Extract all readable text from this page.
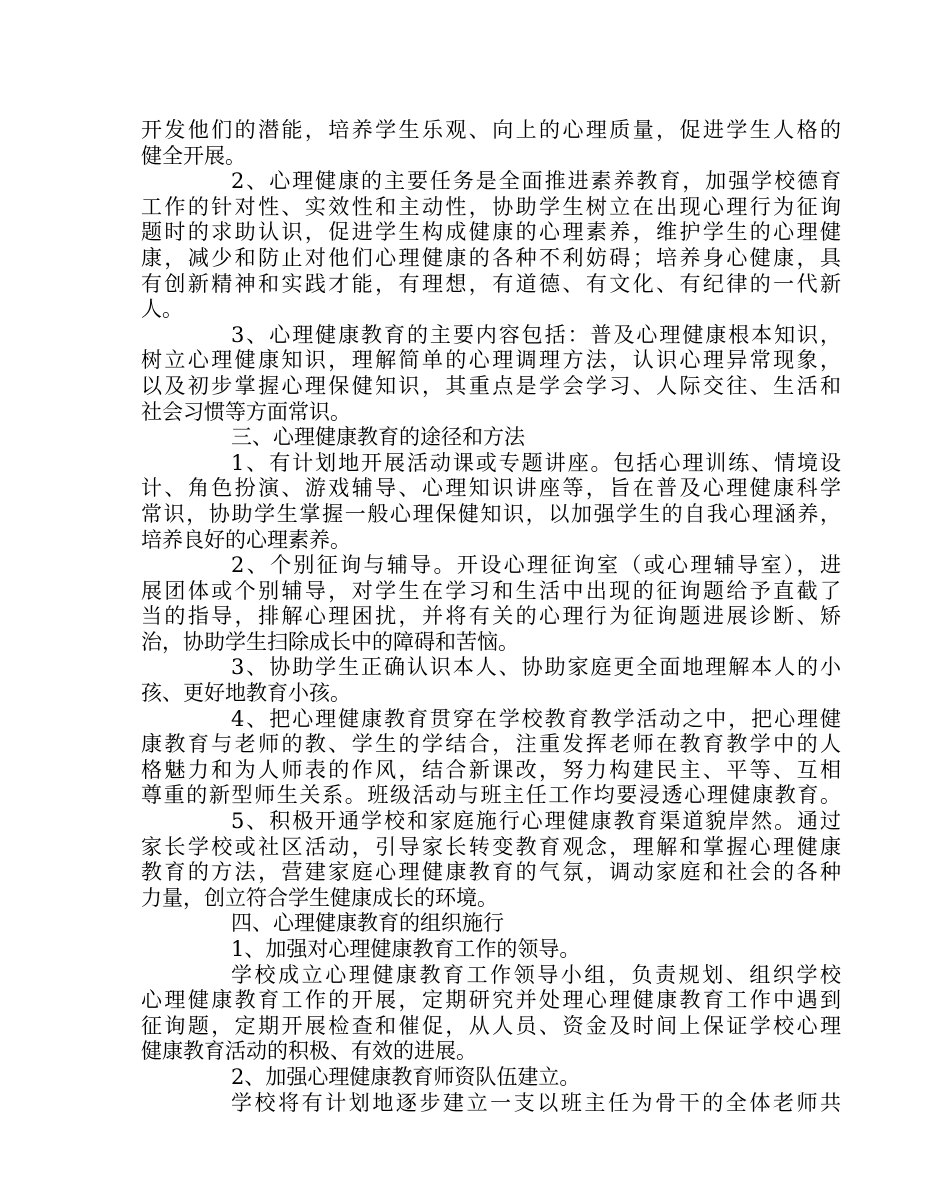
开发他们的潜能，培养学生乐观、向上的心理质量，促进学生人格的
健全开展。
2、心理健康的主要任务是全面推进素养教育，加强学校德育
工作的针对性、实效性和主动性，协助学生树立在出现心理行为征询
题时的求助认识，促进学生构成健康的心理素养，维护学生的心理健
康，减少和防止对他们心理健康的各种不利妨碍；培养身心健康，具
有创新精神和实践才能，有理想，有道德、有文化、有纪律的一代新
人。
3、心理健康教育的主要内容包括：普及心理健康根本知识，
树立心理健康知识，理解简单的心理调理方法，认识心理异常现象，
以及初步掌握心理保健知识，其重点是学会学习、人际交往、生活和
社会习惯等方面常识。
三、心理健康教育的途径和方法
1、有计划地开展活动课或专题讲座。包括心理训练、情境设
计、角色扮演、游戏辅导、心理知识讲座等，旨在普及心理健康科学
常识，协助学生掌握一般心理保健知识，以加强学生的自我心理涵养，
培养良好的心理素养。
2、个别征询与辅导。开设心理征询室（或心理辅导室），进
展团体或个别辅导，对学生在学习和生活中出现的征询题给予直截了
当的指导，排解心理困扰，并将有关的心理行为征询题进展诊断、矫
治，协助学生扫除成长中的障碍和苦恼。
3、协助学生正确认识本人、协助家庭更全面地理解本人的小
孩、更好地教育小孩。
4、把心理健康教育贯穿在学校教育教学活动之中，把心理健
康教育与老师的教、学生的学结合，注重发挥老师在教育教学中的人
格魅力和为人师表的作风，结合新课改，努力构建民主、平等、互相
尊重的新型师生关系。班级活动与班主任工作均要浸透心理健康教育。
5、积极开通学校和家庭施行心理健康教育渠道貌岸然。通过
家长学校或社区活动，引导家长转变教育观念，理解和掌握心理健康
教育的方法，营建家庭心理健康教育的气氛，调动家庭和社会的各种
力量，创立符合学生健康成长的环境。
四、心理健康教育的组织施行
1、加强对心理健康教育工作的领导。
学校成立心理健康教育工作领导小组，负责规划、组织学校
心理健康教育工作的开展，定期研究并处理心理健康教育工作中遇到
征询题，定期开展检查和催促，从人员、资金及时间上保证学校心理
健康教育活动的积极、有效的进展。
2、加强心理健康教育师资队伍建立。
学校将有计划地逐步建立一支以班主任为骨干的全体老师共
